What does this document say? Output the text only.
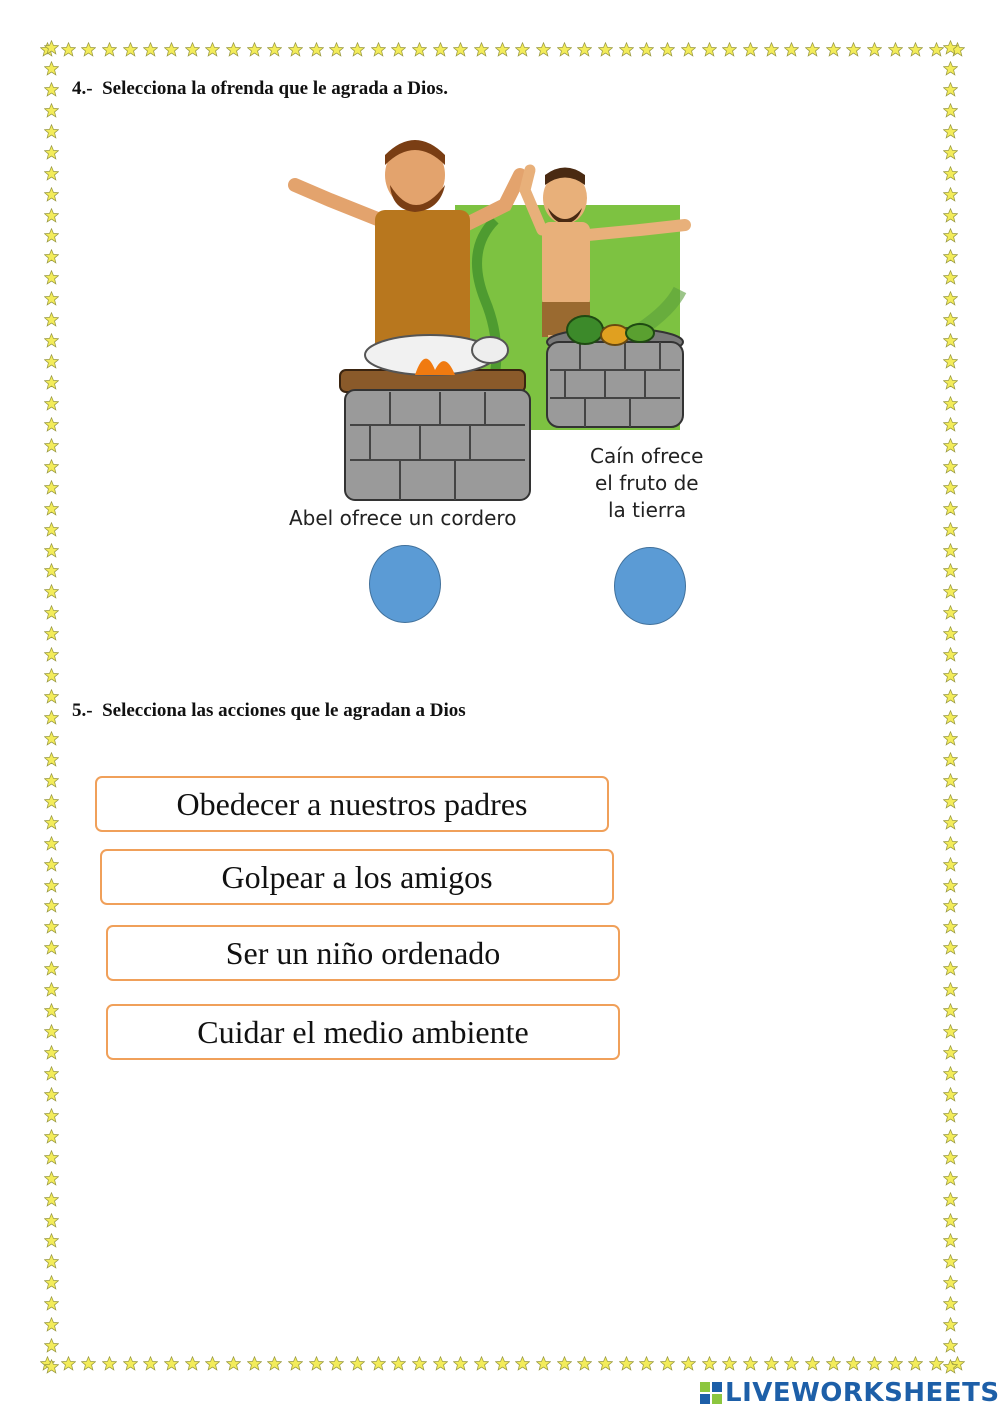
4.- Selecciona la ofrenda que le agrada a Dios.
Abel ofrece un cordero
Caín ofrece
el fruto de
la tierra
5.- Selecciona las acciones que le agradan a Dios
Obedecer a nuestros padres
Golpear a los amigos
Ser un niño ordenado
Cuidar el medio ambiente
LIVEWORKSHEETS
